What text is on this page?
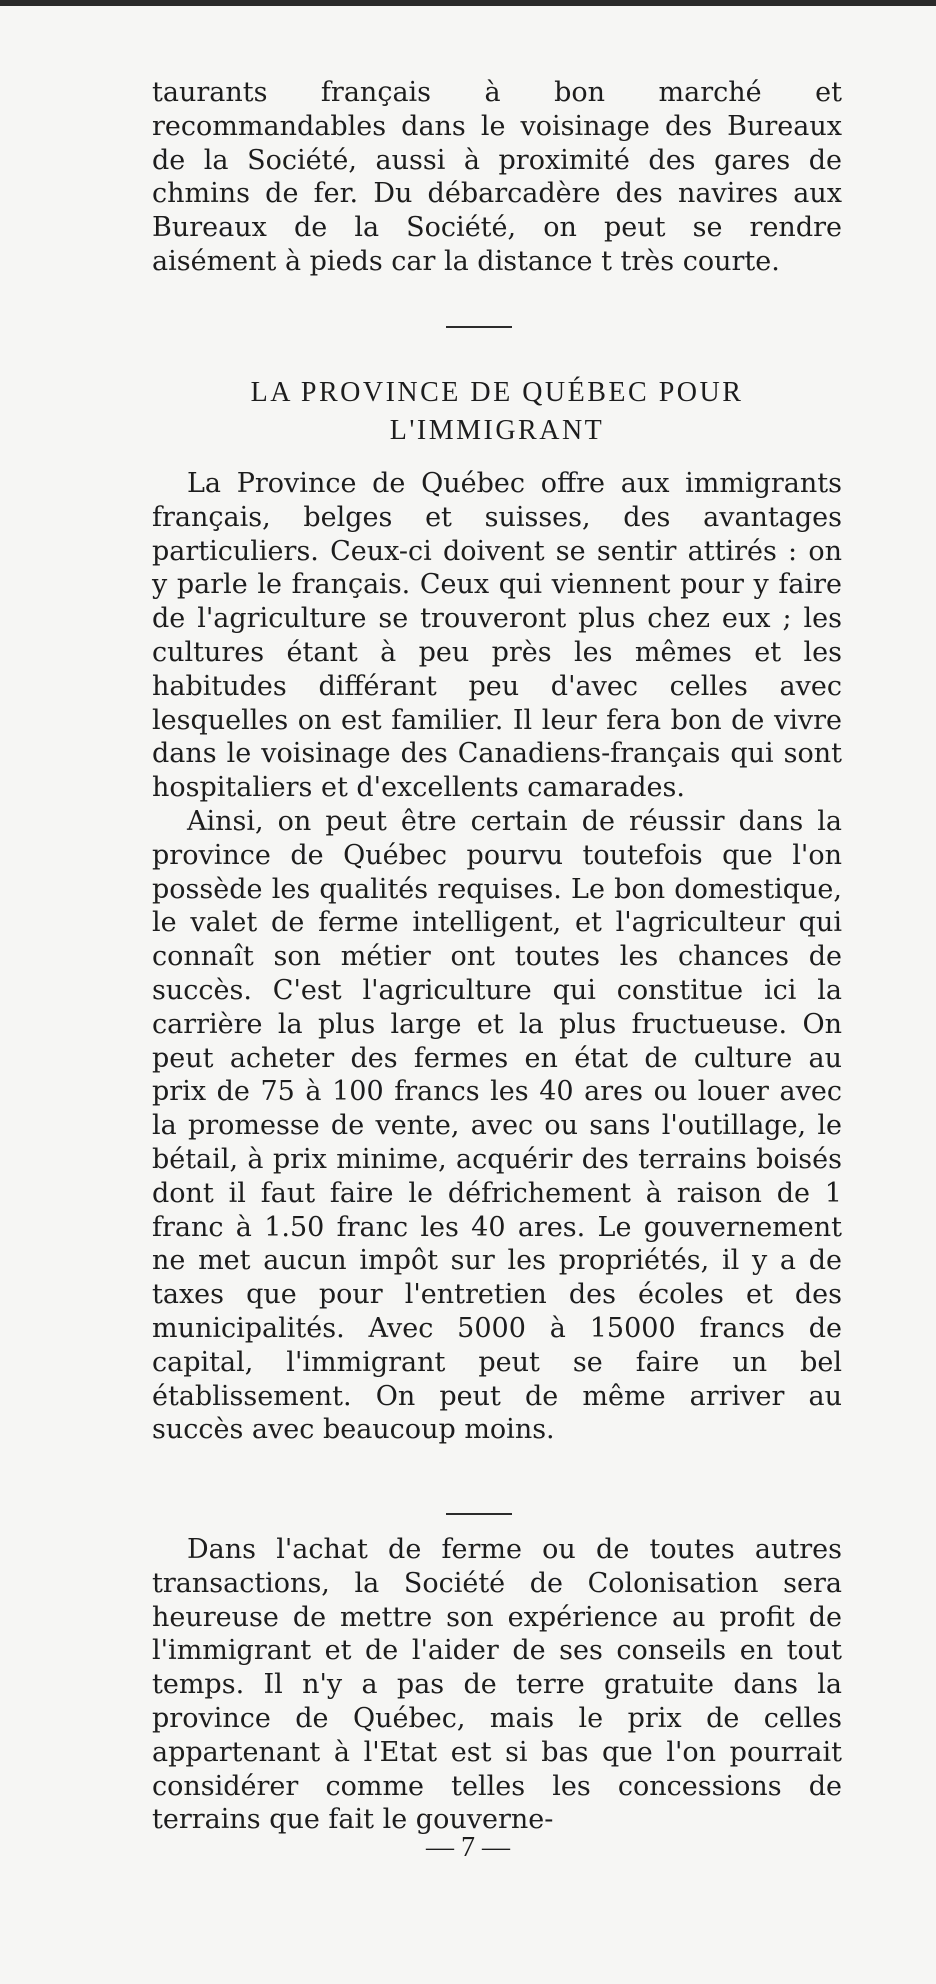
taurants français à bon marché et recommandables dans le voisinage des Bureaux de la Société, aussi à proximité des gares de chmins de fer. Du débarcadère des navires aux Bureaux de la Société, on peut se rendre aisément à pieds car la distance t très courte.

LA PROVINCE DE QUÉBEC POUR
L'IMMIGRANT

La Province de Québec offre aux immigrants français, belges et suisses, des avantages particuliers. Ceux-ci doivent se sentir attirés : on y parle le français. Ceux qui viennent pour y faire de l'agriculture se trouveront plus chez eux ; les cultures étant à peu près les mêmes et les habitudes différant peu d'avec celles avec lesquelles on est familier. Il leur fera bon de vivre dans le voisinage des Canadiens-français qui sont hospitaliers et d'excellents camarades.

Ainsi, on peut être certain de réussir dans la province de Québec pourvu toutefois que l'on possède les qualités requises. Le bon domestique, le valet de ferme intelligent, et l'agriculteur qui connaît son métier ont toutes les chances de succès. C'est l'agriculture qui constitue ici la carrière la plus large et la plus fructueuse. On peut acheter des fermes en état de culture au prix de 75 à 100 francs les 40 ares ou louer avec la promesse de vente, avec ou sans l'outillage, le bétail, à prix minime, acquérir des terrains boisés dont il faut faire le défrichement à raison de 1 franc à 1.50 franc les 40 ares. Le gouvernement ne met aucun impôt sur les propriétés, il y a de taxes que pour l'entretien des écoles et des municipalités. Avec 5000 à 15000 francs de capital, l'immigrant peut se faire un bel établissement. On peut de même arriver au succès avec beaucoup moins.

Dans l'achat de ferme ou de toutes autres transactions, la Société de Colonisation sera heureuse de mettre son expérience au profit de l'immigrant et de l'aider de ses conseils en tout temps. Il n'y a pas de terre gratuite dans la province de Québec, mais le prix de celles appartenant à l'Etat est si bas que l'on pourrait considérer comme telles les concessions de terrains que fait le gouverne-

— 7 —
